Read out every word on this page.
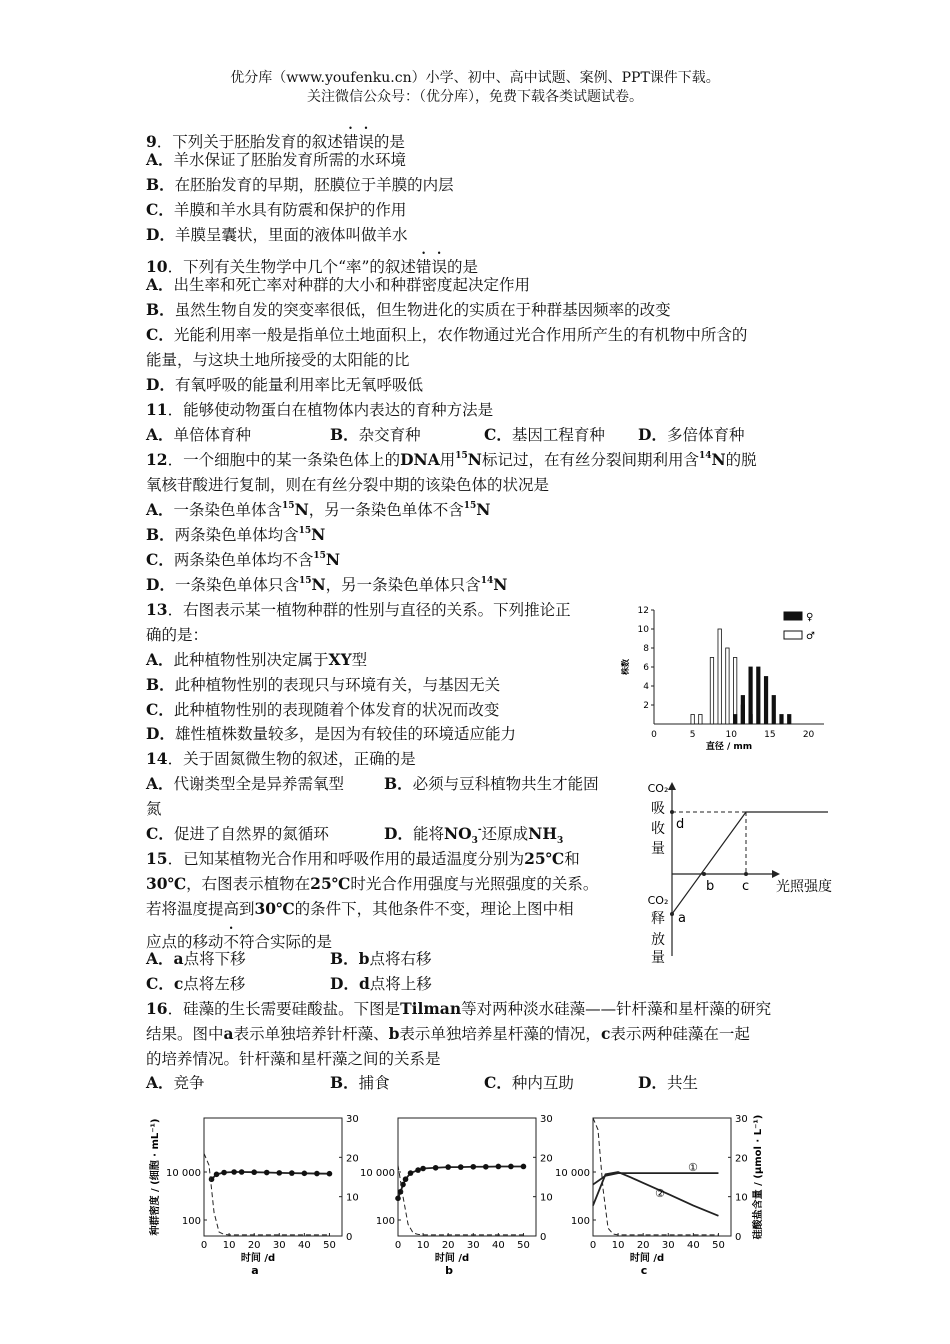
优分库（www.youfenku.cn）小学、初中、高中试题、案例、PPT课件下载。
关注微信公众号：（优分库），免费下载各类试题试卷。
9．下列关于胚胎发育的叙述错误的是
A．羊水保证了胚胎发育所需的水环境
B．在胚胎发育的早期，胚膜位于羊膜的内层
C．羊膜和羊水具有防震和保护的作用
D．羊膜呈囊状，里面的液体叫做羊水
10．下列有关生物学中几个“率”的叙述错误的是
A．出生率和死亡率对种群的大小和种群密度起决定作用
B．虽然生物自发的突变率很低，但生物进化的实质在于种群基因频率的改变
C．光能利用率一般是指单位土地面积上，农作物通过光合作用所产生的有机物中所含的
能量，与这块土地所接受的太阳能的比
D．有氧呼吸的能量利用率比无氧呼吸低
11．能够使动物蛋白在植物体内表达的育种方法是
A．单倍体育种	B．杂交育种	C．基因工程育种 D．多倍体育种
12．一个细胞中的某一条染色体上的DNA用$^{15}$N标记过，在有丝分裂间期利用含$^{14}$N的脱
氧核苷酸进行复制，则在有丝分裂中期的该染色体的状况是
A．一条染色单体含$^{15}$N，另一条染色单体不含$^{15}$N
B．两条染色单体均含$^{15}$N
C．两条染色单体均不含$^{15}$N
D．一条染色单体只含$^{15}$N，另一条染色单体只含$^{14}$N
13．右图表示某一植物种群的性别与直径的关系。下列推论正
确的是：
A．此种植物性别决定属于XY型
B．此种植物性别的表现只与环境有关，与基因无关
C．此种植物性别的表现随着个体发育的状况而改变
D．雄性植株数量较多，是因为有较佳的环境适应能力
14．关于固氮微生物的叙述，正确的是
A．代谢类型全是异养需氧型	B．必须与豆科植物共生才能固
氮
C．促进了自然界的氮循环	D．能将$NO_3^-$还原成$NH_3$
15．已知某植物光合作用和呼吸作用的最适温度分别为25℃和
30℃，右图表示植物在25℃时光合作用强度与光照强度的关系。
若将温度提高到30℃的条件下，其他条件不变，理论上图中相
应点的移动不符合实际的是
A．a点将下移	B．b点将右移
C．c点将左移	D．d点将上移
16．硅藻的生长需要硅酸盐。下图是Tilman等对两种淡水硅藻——针杆藻和星杆藻的研究
结果。图中a表示单独培养针杆藻、b表示单独培养星杆藻的情况，c表示两种硅藻在一起
的培养情况。针杆藻和星杆藻之间的关系是
A．竞争	B．捕食	C．种内互助	D．共生
2
4
6
8
10
12
0	5	10	15	20
直径 / mm
株数
♀
♂
a
b c
d
光照强度
CO₂
吸
收
量
CO₂
释
放
量
0 10 20 30 40 50
100
10 000
0
10
20
30
时间 /d
a
种群密度 / (细胞 · mL⁻¹)
0 10 20 30 40 50
100
10 000
0
10
20
30
时间 /d
b
0 10 20 30 40 50
100
10 000
0
10
20
30
时间 /d
c
硅酸盐含量 / (μmol · L⁻¹)
①
②
